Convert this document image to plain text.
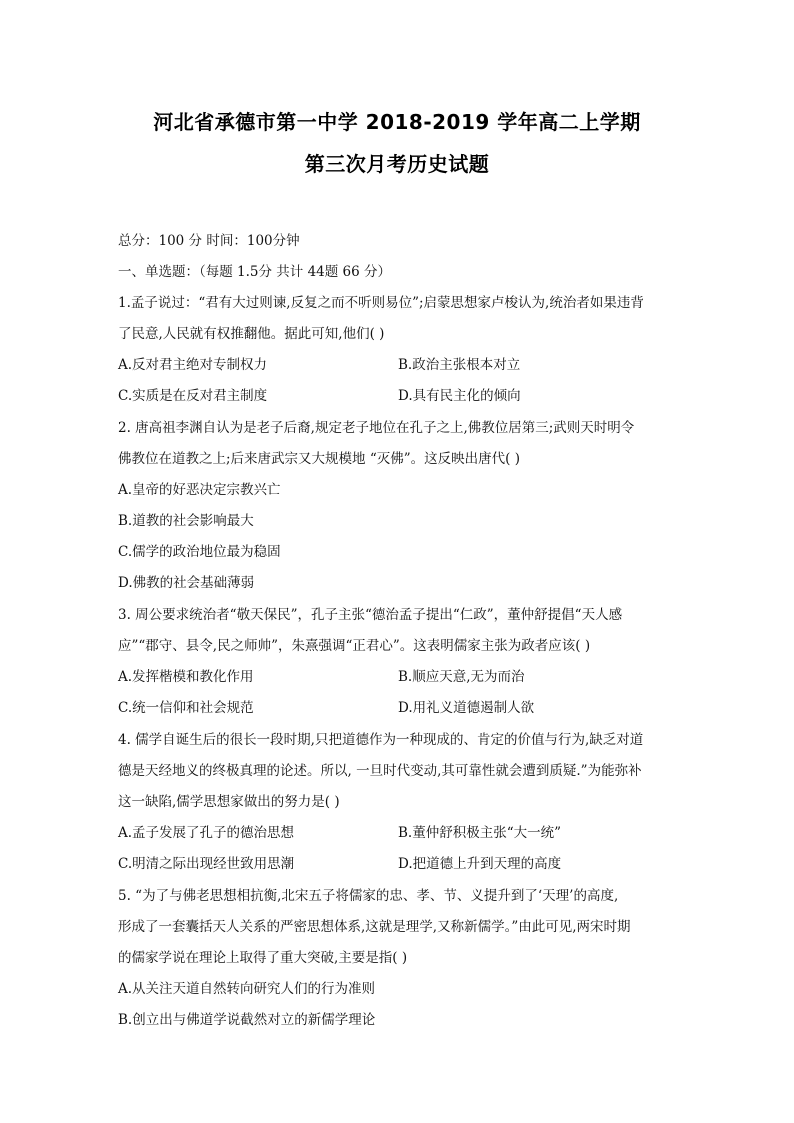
河北省承德市第一中学 2018-2019 学年高二上学期
第三次月考历史试题
总分：100 分 时间：100分钟
一、单选题：（每题 1.5分 共计 44题 66 分）
1.孟子说过：“君有大过则谏,反复之而不听则易位”;启蒙思想家卢梭认为,统治者如果违背
了民意,人民就有权推翻他。据此可知,他们( )
A.反对君主绝对专制权力	B.政治主张根本对立
C.实质是在反对君主制度	D.具有民主化的倾向
2. 唐高祖李渊自认为是老子后裔,规定老子地位在孔子之上,佛教位居第三;武则天时明令
佛教位在道教之上;后来唐武宗又大规模地 “灭佛”。这反映出唐代( )
A.皇帝的好恶决定宗教兴亡
B.道教的社会影响最大
C.儒学的政治地位最为稳固
D.佛教的社会基础薄弱
3. 周公要求统治者“敬天保民”，孔子主张“德治孟子提出“仁政”，董仲舒提倡“天人感
应”“郡守、县令,民之师帅”，朱熹强调“正君心”。这表明儒家主张为政者应该( )
A.发挥楷模和教化作用	B.顺应天意,无为而治
C.统一信仰和社会规范	D.用礼义道德遏制人欲
4. 儒学自诞生后的很长一段时期,只把道德作为一种现成的、肯定的价值与行为,缺乏对道
德是天经地义的终极真理的论述。所以, 一旦时代变动,其可靠性就会遭到质疑.”为能弥补
这一缺陷,儒学思想家做出的努力是( )
A.孟子发展了孔子的德治思想	B.董仲舒积极主张“大一统”
C.明清之际出现经世致用思潮	D.把道德上升到天理的高度
5. “为了与佛老思想相抗衡,北宋五子将儒家的忠、孝、节、义提升到了‘天理’的高度,
形成了一套囊括天人关系的严密思想体系,这就是理学,又称新儒学。”由此可见,两宋时期
的儒家学说在理论上取得了重大突破,主要是指( )
A.从关注天道自然转向研究人们的行为准则
B.创立出与佛道学说截然对立的新儒学理论
